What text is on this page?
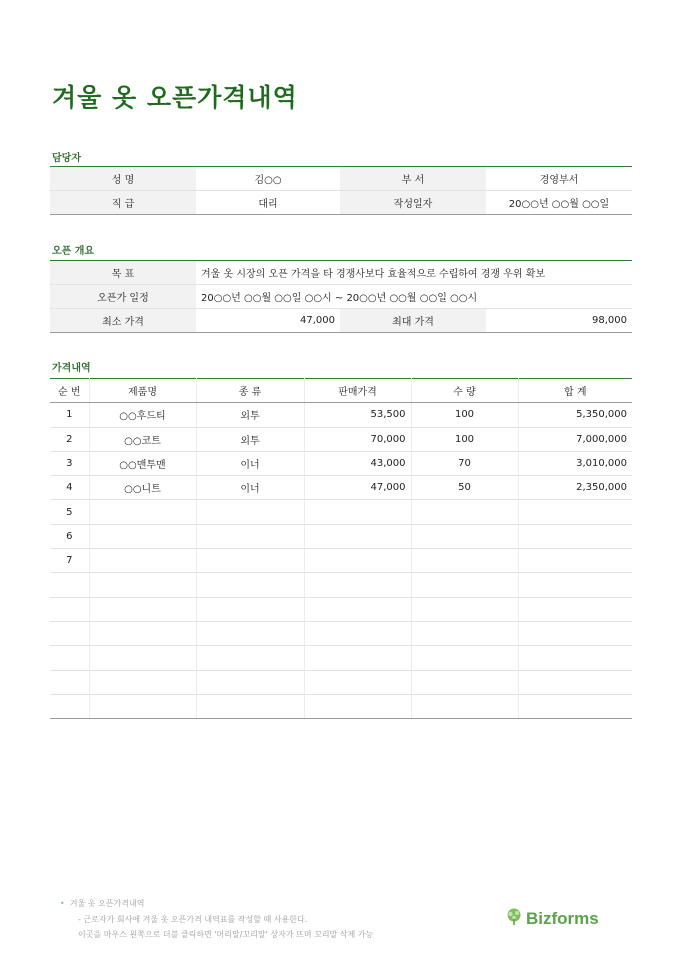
겨울 옷 오픈가격내역
담당자
성 명	김○○	부 서	경영부서
직 급	대리	작성일자	20○○년 ○○월 ○○일
오픈 개요
목 표	겨울 옷 시장의 오픈 가격을 타 경쟁사보다 효율적으로 수립하여 경쟁 우위 확보		
오픈가 일정	20○○년 ○○월 ○○일 ○○시 ~ 20○○년 ○○월 ○○일 ○○시		
최소 가격	47,000	최대 가격	98,000
가격내역
순 번	제품명	종 류	판매가격	수 량	합 계
1	○○후드티	외투	53,500	100	5,350,000
2	○○코트	외투	70,000	100	7,000,000
3	○○맨투맨	이너	43,000	70	3,010,000
4	○○니트	이너	47,000	50	2,350,000
5					
6					
7					

• 겨울 옷 오픈가격내역
- 근로자가 회사에 겨울 옷 오픈가격 내역표를 작성할 때 사용한다.
이곳을 마우스 왼쪽으로 더블 클릭하면 '머리말/꼬리말' 상자가 뜨며 꼬리말 삭제 가능
Bizforms
